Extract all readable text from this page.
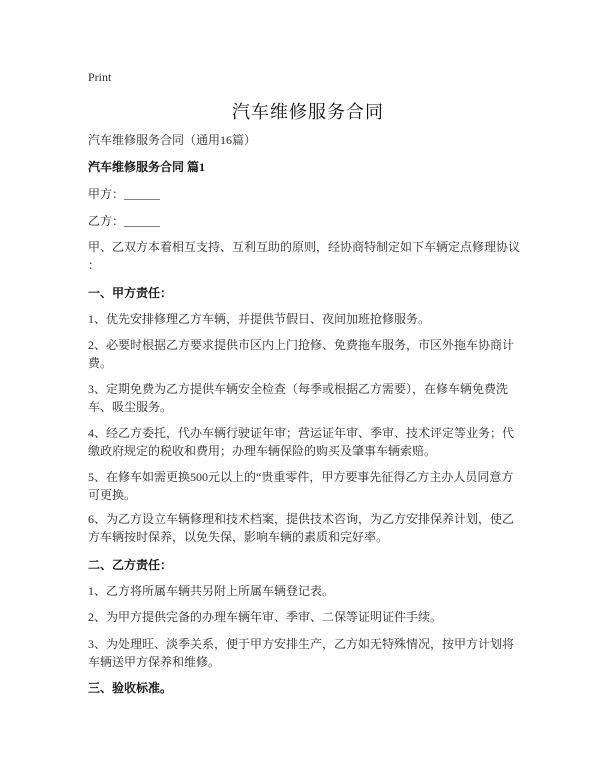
Print
汽车维修服务合同
汽车维修服务合同（通用16篇）
汽车维修服务合同 篇1
甲方：______
乙方：______
甲、乙双方本着相互支持、互利互助的原则，经协商特制定如下车辆定点修理协议
：
一、甲方责任：
1、优先安排修理乙方车辆，并提供节假日、夜间加班抢修服务。
2、必要时根据乙方要求提供市区内上门抢修、免费拖车服务，市区外拖车协商计
费。
3、定期免费为乙方提供车辆安全检查（每季或根据乙方需要），在修车辆免费洗
车、吸尘服务。
4、经乙方委托，代办车辆行驶证年审；营运证年审、季审、技术评定等业务；代
缴政府规定的税收和费用；办理车辆保险的购买及肇事车辆索赔。
5、在修车如需更换500元以上的“贵重零件，甲方要事先征得乙方主办人员同意方
可更换。
6、为乙方设立车辆修理和技术档案，提供技术咨询，为乙方安排保养计划，使乙
方车辆按时保养，以免失保，影响车辆的素质和完好率。
二、乙方责任：
1、乙方将所属车辆共另附上所属车辆登记表。
2、为甲方提供完备的办理车辆年审、季审、二保等证明证件手续。
3、为处理旺、淡季关系，便于甲方安排生产，乙方如无特殊情况，按甲方计划将
车辆送甲方保养和维修。
三、验收标准。
